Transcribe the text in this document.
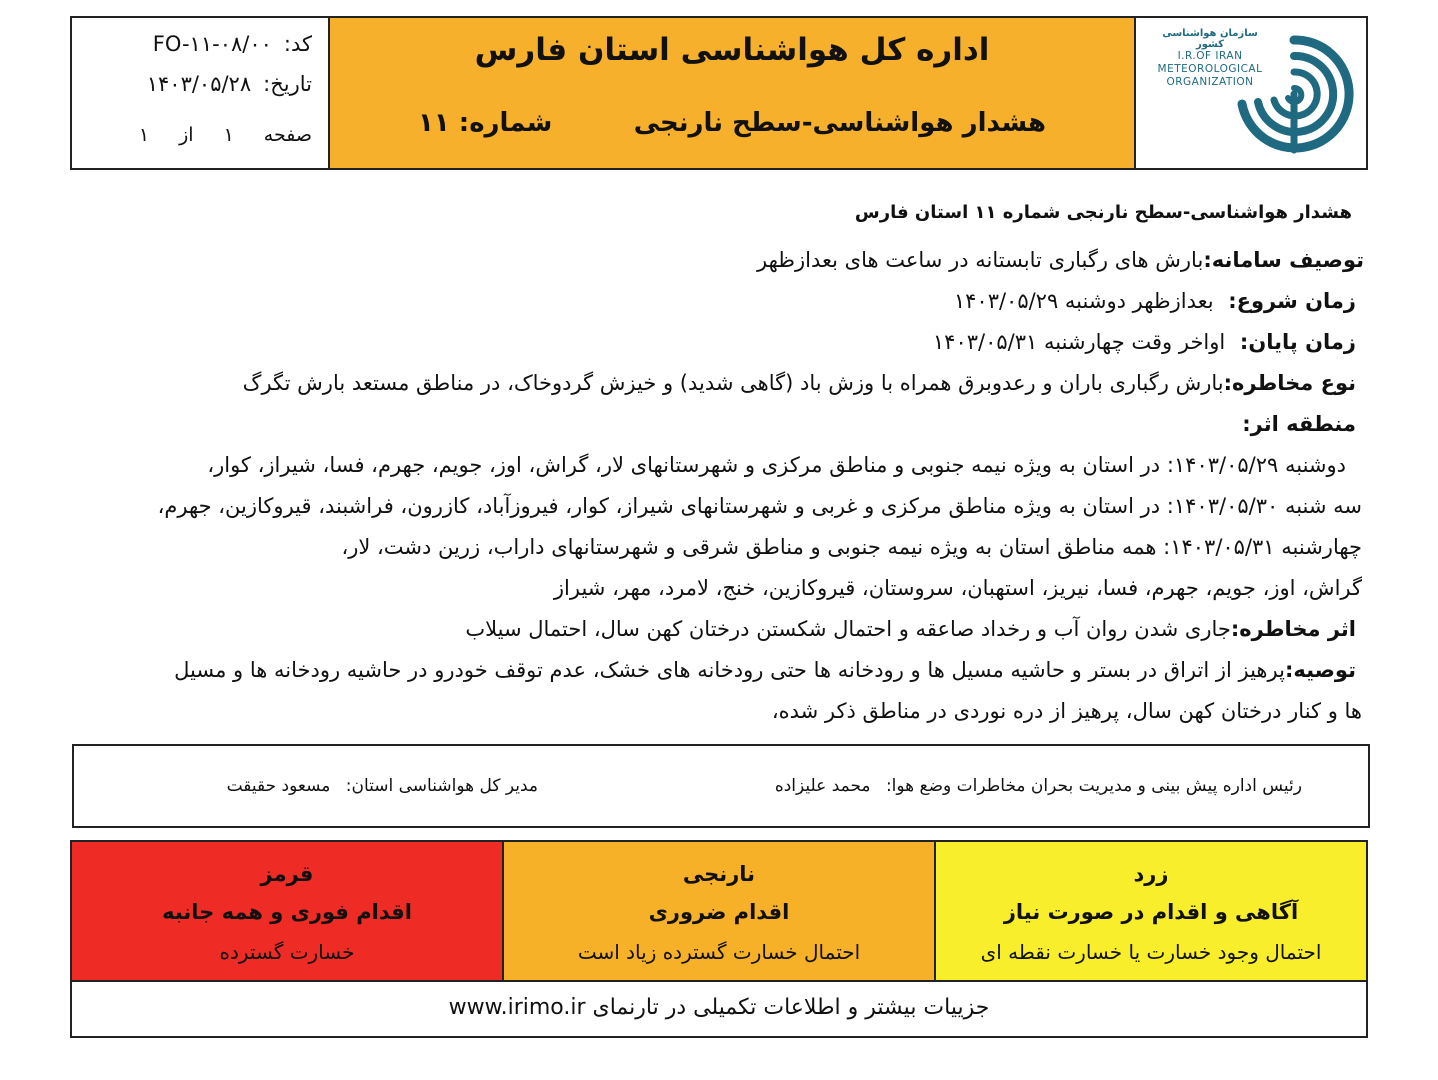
کد:
FO-۱۱-۰۸/۰۰
تاریخ:
۱۴۰۳/۰۵/۲۸
صفحه
۱
از
۱
اداره کل هواشناسی استان فارس
هشدار هواشناسی-سطح نارنجی
شماره: ۱۱
سازمان هواشناسی کشور
I.R.OF IRAN
METEOROLOGICAL
ORGANIZATION
هشدار هواشناسی-سطح نارنجی شماره ۱۱ استان فارس
توصیف سامانه:بارش های رگباری تابستانه در ساعت های بعدازظهر
زمان شروع: بعدازظهر دوشنبه ۱۴۰۳/۰۵/۲۹
زمان پایان: اواخر وقت چهارشنبه ۱۴۰۳/۰۵/۳۱
نوع مخاطره:بارش رگباری باران و رعدوبرق همراه با وزش باد (گاهی شدید) و خیزش گردوخاک، در مناطق مستعد بارش تگرگ
منطقه اثر:
دوشنبه ۱۴۰۳/۰۵/۲۹: در استان به ویژه نیمه جنوبی و مناطق مرکزی و شهرستانهای لار، گراش، اوز، جویم، جهرم، فسا، شیراز، کوار،
سه شنبه ۱۴۰۳/۰۵/۳۰: در استان به ویژه مناطق مرکزی و غربی و شهرستانهای شیراز، کوار، فیروزآباد، کازرون، فراشبند، قیروکازین، جهرم،
چهارشنبه ۱۴۰۳/۰۵/۳۱: همه مناطق استان به ویژه نیمه جنوبی و مناطق شرقی و شهرستانهای داراب، زرین دشت، لار،
گراش، اوز، جویم، جهرم، فسا، نیریز، استهبان، سروستان، قیروکازین، خنج، لامرد، مهر، شیراز
اثر مخاطره:جاری شدن روان آب و رخداد صاعقه و احتمال شکستن درختان کهن سال، احتمال سیلاب
توصیه:پرهیز از اتراق در بستر و حاشیه مسیل ها و رودخانه ها حتی رودخانه های خشک، عدم توقف خودرو در حاشیه رودخانه ها و مسیل
ها و کنار درختان کهن سال، پرهیز از دره نوردی در مناطق ذکر شده،
رئیس اداره پیش بینی و مدیریت بحران مخاطرات وضع هوا: محمد علیزاده
مدیر کل هواشناسی استان: مسعود حقیقت
قرمز
اقدام فوری و همه جانبه
خسارت گسترده
نارنجی
اقدام ضروری
احتمال خسارت گسترده زیاد است
زرد
آگاهی و اقدام در صورت نیاز
احتمال وجود خسارت یا خسارت نقطه ای
جزییات بیشتر و اطلاعات تکمیلی در تارنمای www.irimo.ir
